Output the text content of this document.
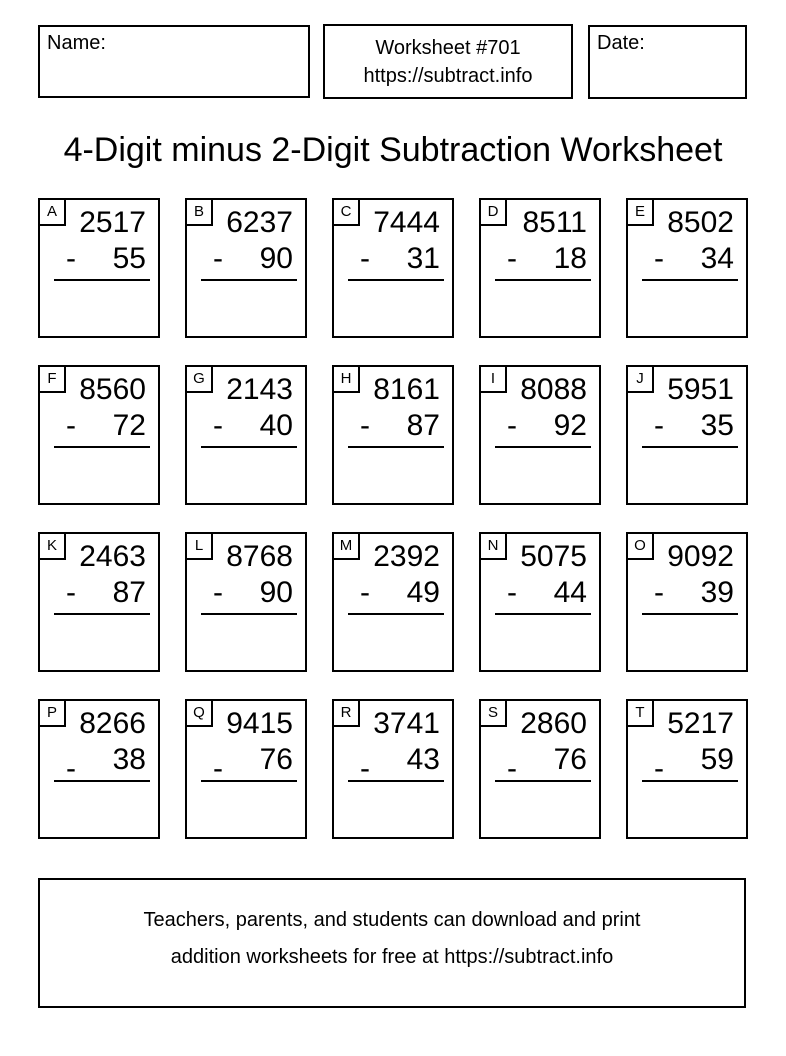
Name:	Worksheet #701
https://subtract.info
Date:
4-Digit minus 2-Digit Subtraction Worksheet
A 2517
- 55
B 6237
- 90
C 7444
- 31
D 8511
- 18
E 8502
- 34
F 8560
- 72
G 2143
- 40
H 8161
- 87
I 8088
- 92
J 5951
- 35
K 2463
- 87
L 8768
- 90
M 2392
- 49
N 5075
- 44
O 9092
- 39
P 8266
- 38
Q 9415
- 76
R 3741
- 43
S 2860
- 76
T 5217
- 59
Teachers, parents, and students can download and print
addition worksheets for free at https://subtract.info
